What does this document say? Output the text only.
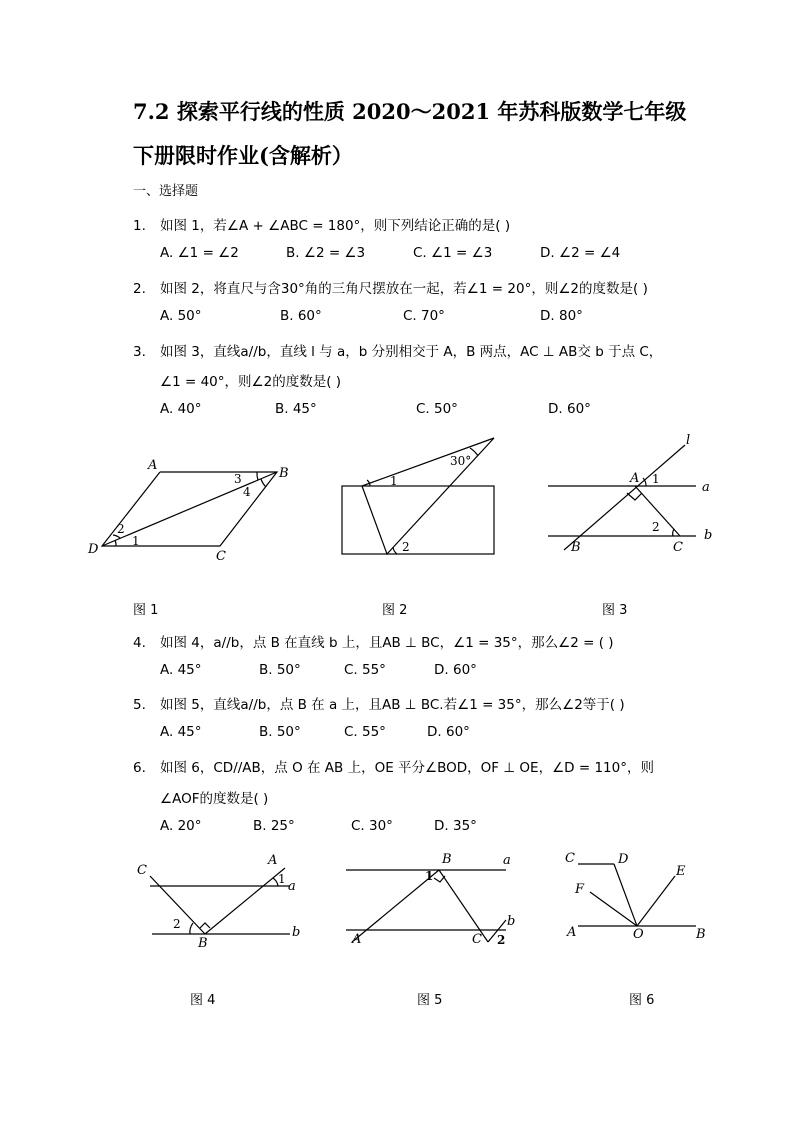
7.2 探索平行线的性质 2020～2021 年苏科版数学七年级
下册限时作业(含解析）
一、选择题
1. 如图 1，若∠A + ∠ABC = 180°，则下列结论正确的是( )
A. ∠1 = ∠2	B. ∠2 = ∠3	C. ∠1 = ∠3	D. ∠2 = ∠4
2. 如图 2，将直尺与含30°角的三角尺摆放在一起，若∠1 = 20°，则∠2的度数是( )
A. 50°	B. 60°	C. 70°	D. 80°
3. 如图 3，直线a//b，直线 l 与 a，b 分别相交于 A，B 两点，AC ⊥ AB交 b 于点 C，
∠1 = 40°，则∠2的度数是( )
A. 40°	B. 45°	C. 50°	D. 60°
A
B
C
D
1
2
3
4
30°
1
2
l
a
b
A
B	C
1
2
图 1	图 2	图 3
4. 如图 4，a//b，点 B 在直线 b 上，且AB ⊥ BC，∠1 = 35°，那么∠2 = ( )
A. 45°	B. 50°	C. 55°	D. 60°
5. 如图 5，直线a//b，点 B 在 a 上，且AB ⊥ BC.若∠1 = 35°，那么∠2等于( )
A. 45°	B. 50°	C. 55°	D. 60°
6. 如图 6，CD//AB，点 O 在 AB 上，OE 平分∠BOD，OF ⊥ OE，∠D = 110°，则
∠AOF的度数是( )
A. 20°	B. 25°	C. 30°	D. 35°
A
B
C
a
b
1
2
B	a
b
A	C
1
2
C	D
E
F
A	O	B
图 4	图 5	图 6
